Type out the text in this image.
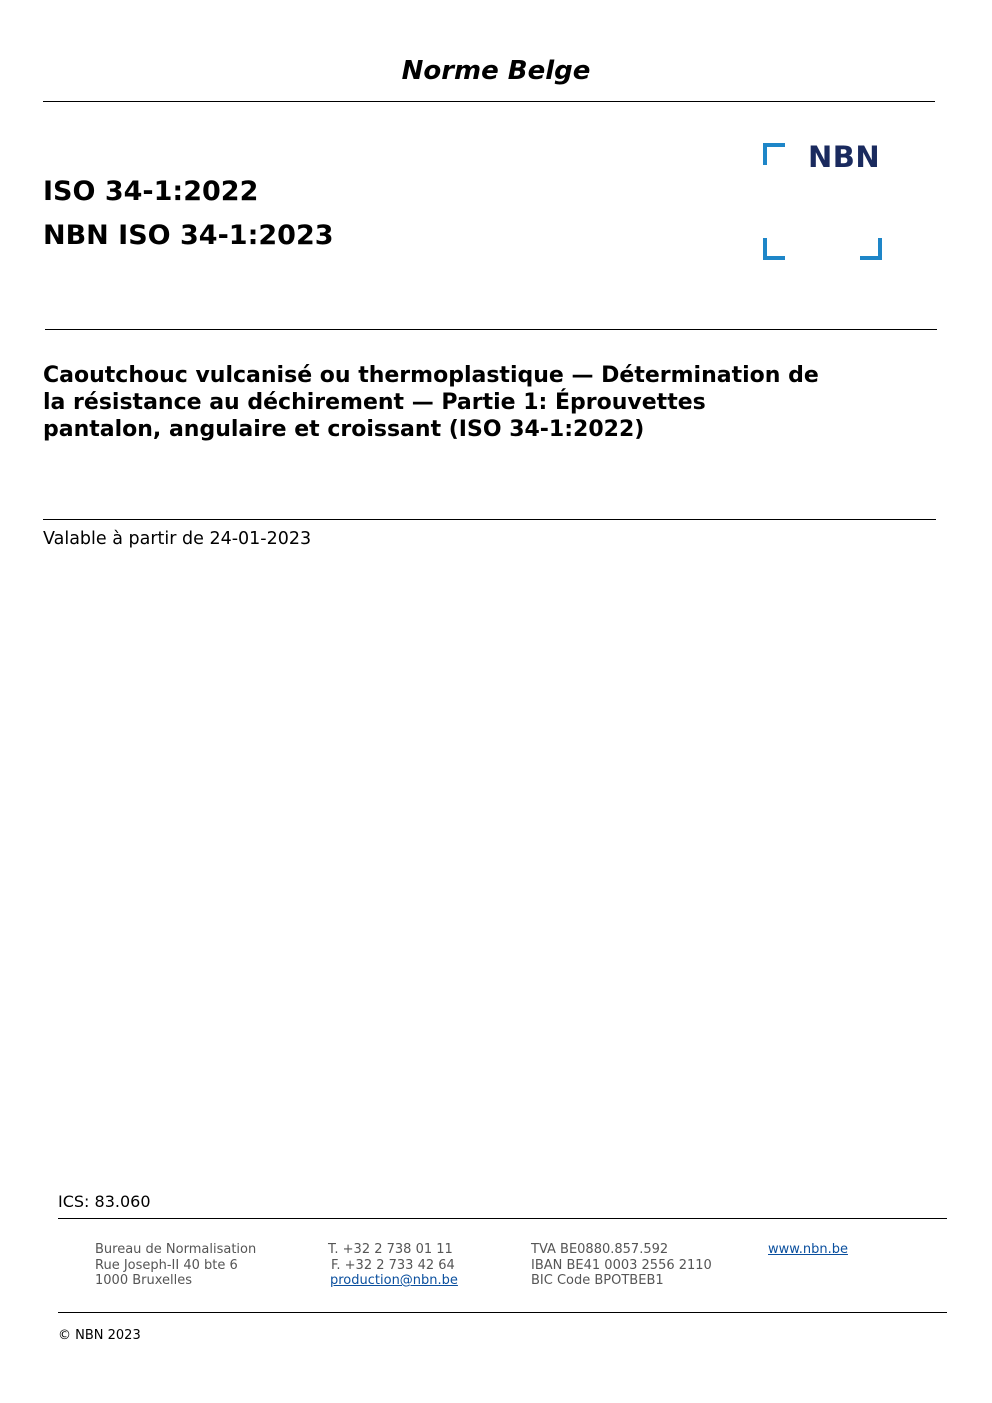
Norme Belge
ISO 34-1:2022
NBN ISO 34-1:2023
NBN
Caoutchouc vulcanisé ou thermoplastique — Détermination de
la résistance au déchirement — Partie 1: Éprouvettes
pantalon, angulaire et croissant (ISO 34-1:2022)
Valable à partir de 24-01-2023
ICS: 83.060
Bureau de Normalisation
Rue Joseph-II 40 bte 6
1000 Bruxelles
T. +32 2 738 01 11
F. +32 2 733 42 64
production@nbn.be
TVA BE0880.857.592
IBAN BE41 0003 2556 2110
BIC Code BPOTBEB1
www.nbn.be
© NBN 2023
